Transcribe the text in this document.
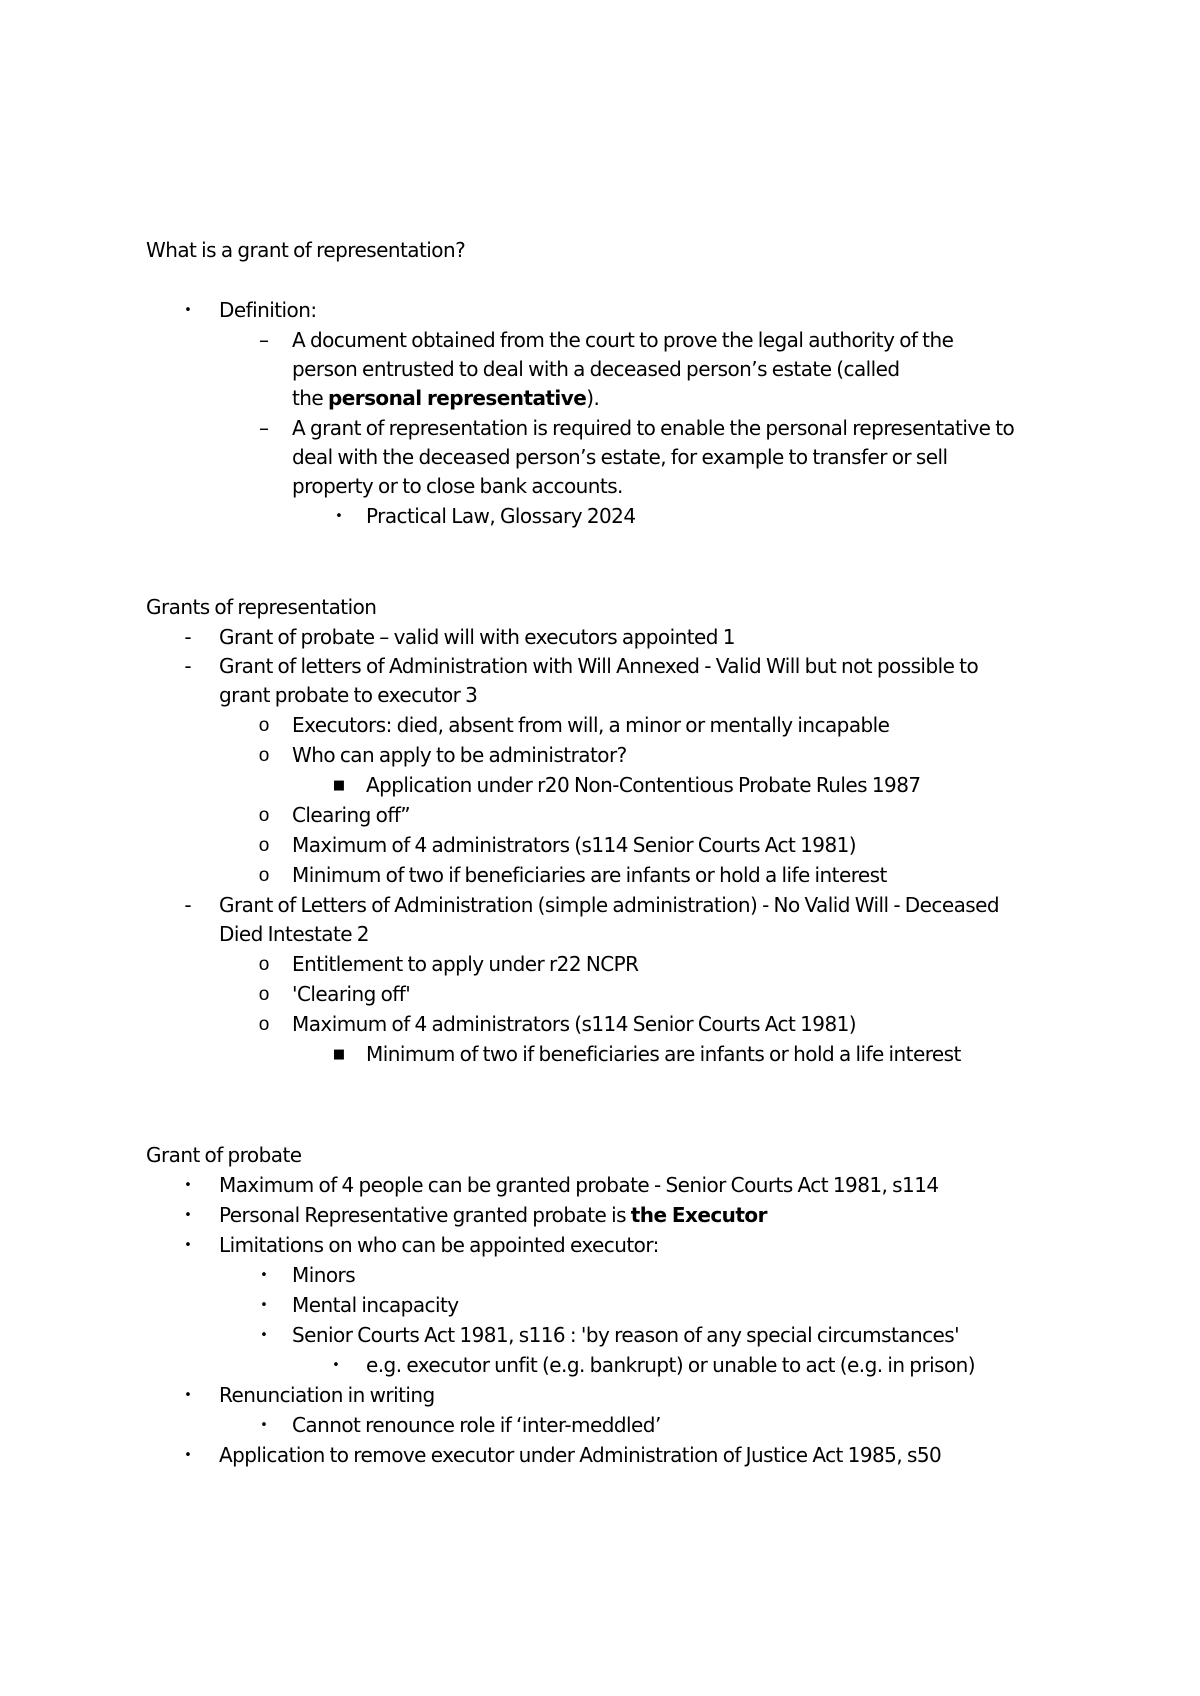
What is a grant of representation?
•	Definition:
–	A document obtained from the court to prove the legal authority of the
person entrusted to deal with a deceased person’s estate (called
the personal representative).
–	A grant of representation is required to enable the personal representative to
deal with the deceased person’s estate, for example to transfer or sell
property or to close bank accounts.
•	Practical Law, Glossary 2024
Grants of representation
-	Grant of probate – valid will with executors appointed 1
-	Grant of letters of Administration with Will Annexed - Valid Will but not possible to
grant probate to executor 3
o	Executors: died, absent from will, a minor or mentally incapable
o	Who can apply to be administrator?
■ Application under r20 Non-Contentious Probate Rules 1987
o	Clearing off”
o	Maximum of 4 administrators (s114 Senior Courts Act 1981)
o	Minimum of two if beneficiaries are infants or hold a life interest
-	Grant of Letters of Administration (simple administration) - No Valid Will - Deceased
Died Intestate 2
o	Entitlement to apply under r22 NCPR
o	'Clearing off'
o	Maximum of 4 administrators (s114 Senior Courts Act 1981)
■ Minimum of two if beneficiaries are infants or hold a life interest
Grant of probate
•	Maximum of 4 people can be granted probate - Senior Courts Act 1981, s114
•	Personal Representative granted probate is the Executor
•	Limitations on who can be appointed executor:
•	Minors
•	Mental incapacity
•	Senior Courts Act 1981, s116 : 'by reason of any special circumstances'
•	e.g. executor unfit (e.g. bankrupt) or unable to act (e.g. in prison)
•	Renunciation in writing
•	Cannot renounce role if ‘inter-meddled’
•	Application to remove executor under Administration of Justice Act 1985, s50
